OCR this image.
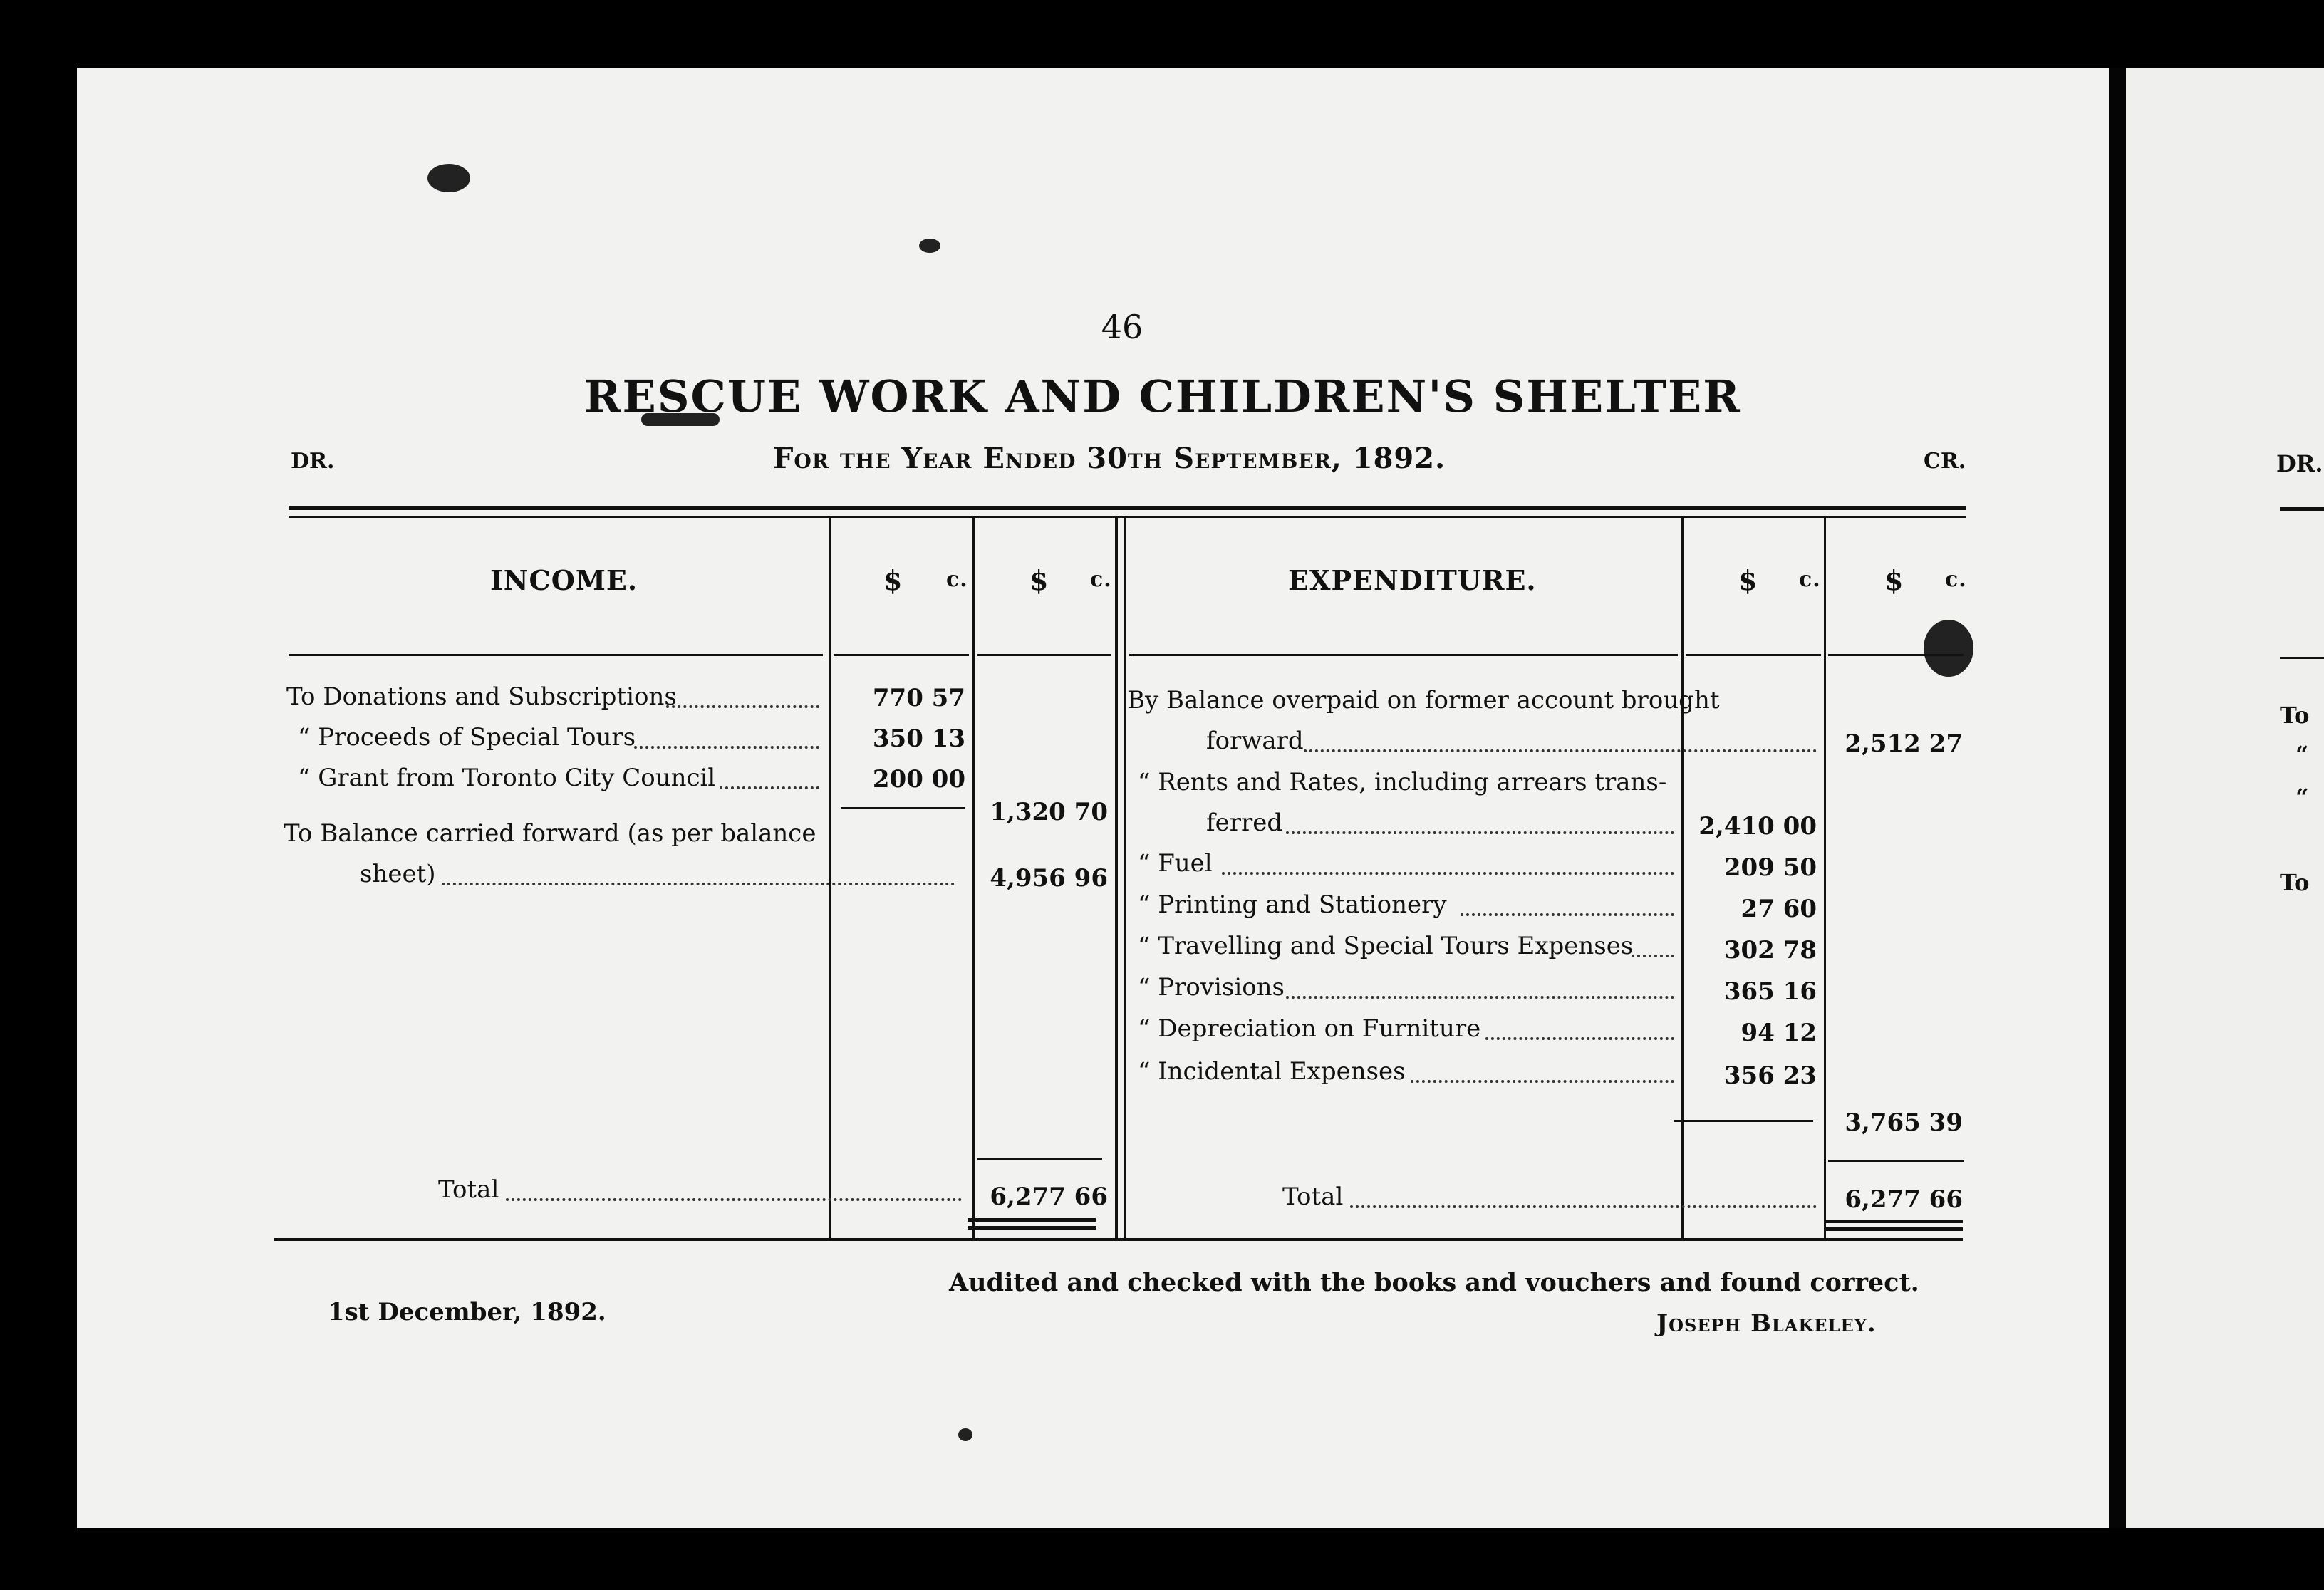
46
RESCUE WORK AND CHILDREN'S SHELTER
DR.	For the Year Ended 30th September, 1892.	CR.
INCOME.	$ c. $ c.	EXPENDITURE.	$ c. $ c.
To Donations and Subscriptions	770 57
“ Proceeds of Special Tours	350 13
“ Grant from Toronto City Council	200 00
1,320 70
To Balance carried forward (as per balance
sheet)	4,956 96
Total	6,277 66
By Balance overpaid on former account brought
forward	2,512 27
“ Rents and Rates, including arrears trans-
ferred	2,410 00
“ Fuel	209 50
“ Printing and Stationery	27 60
“ Travelling and Special Tours Expenses	302 78
“ Provisions	365 16
“ Depreciation on Furniture	94 12
“ Incidental Expenses	356 23
3,765 39
Total	6,277 66
Audited and checked with the books and vouchers and found correct.
1st December, 1892.	Joseph Blakeley.
DR.
To
“
“
To
